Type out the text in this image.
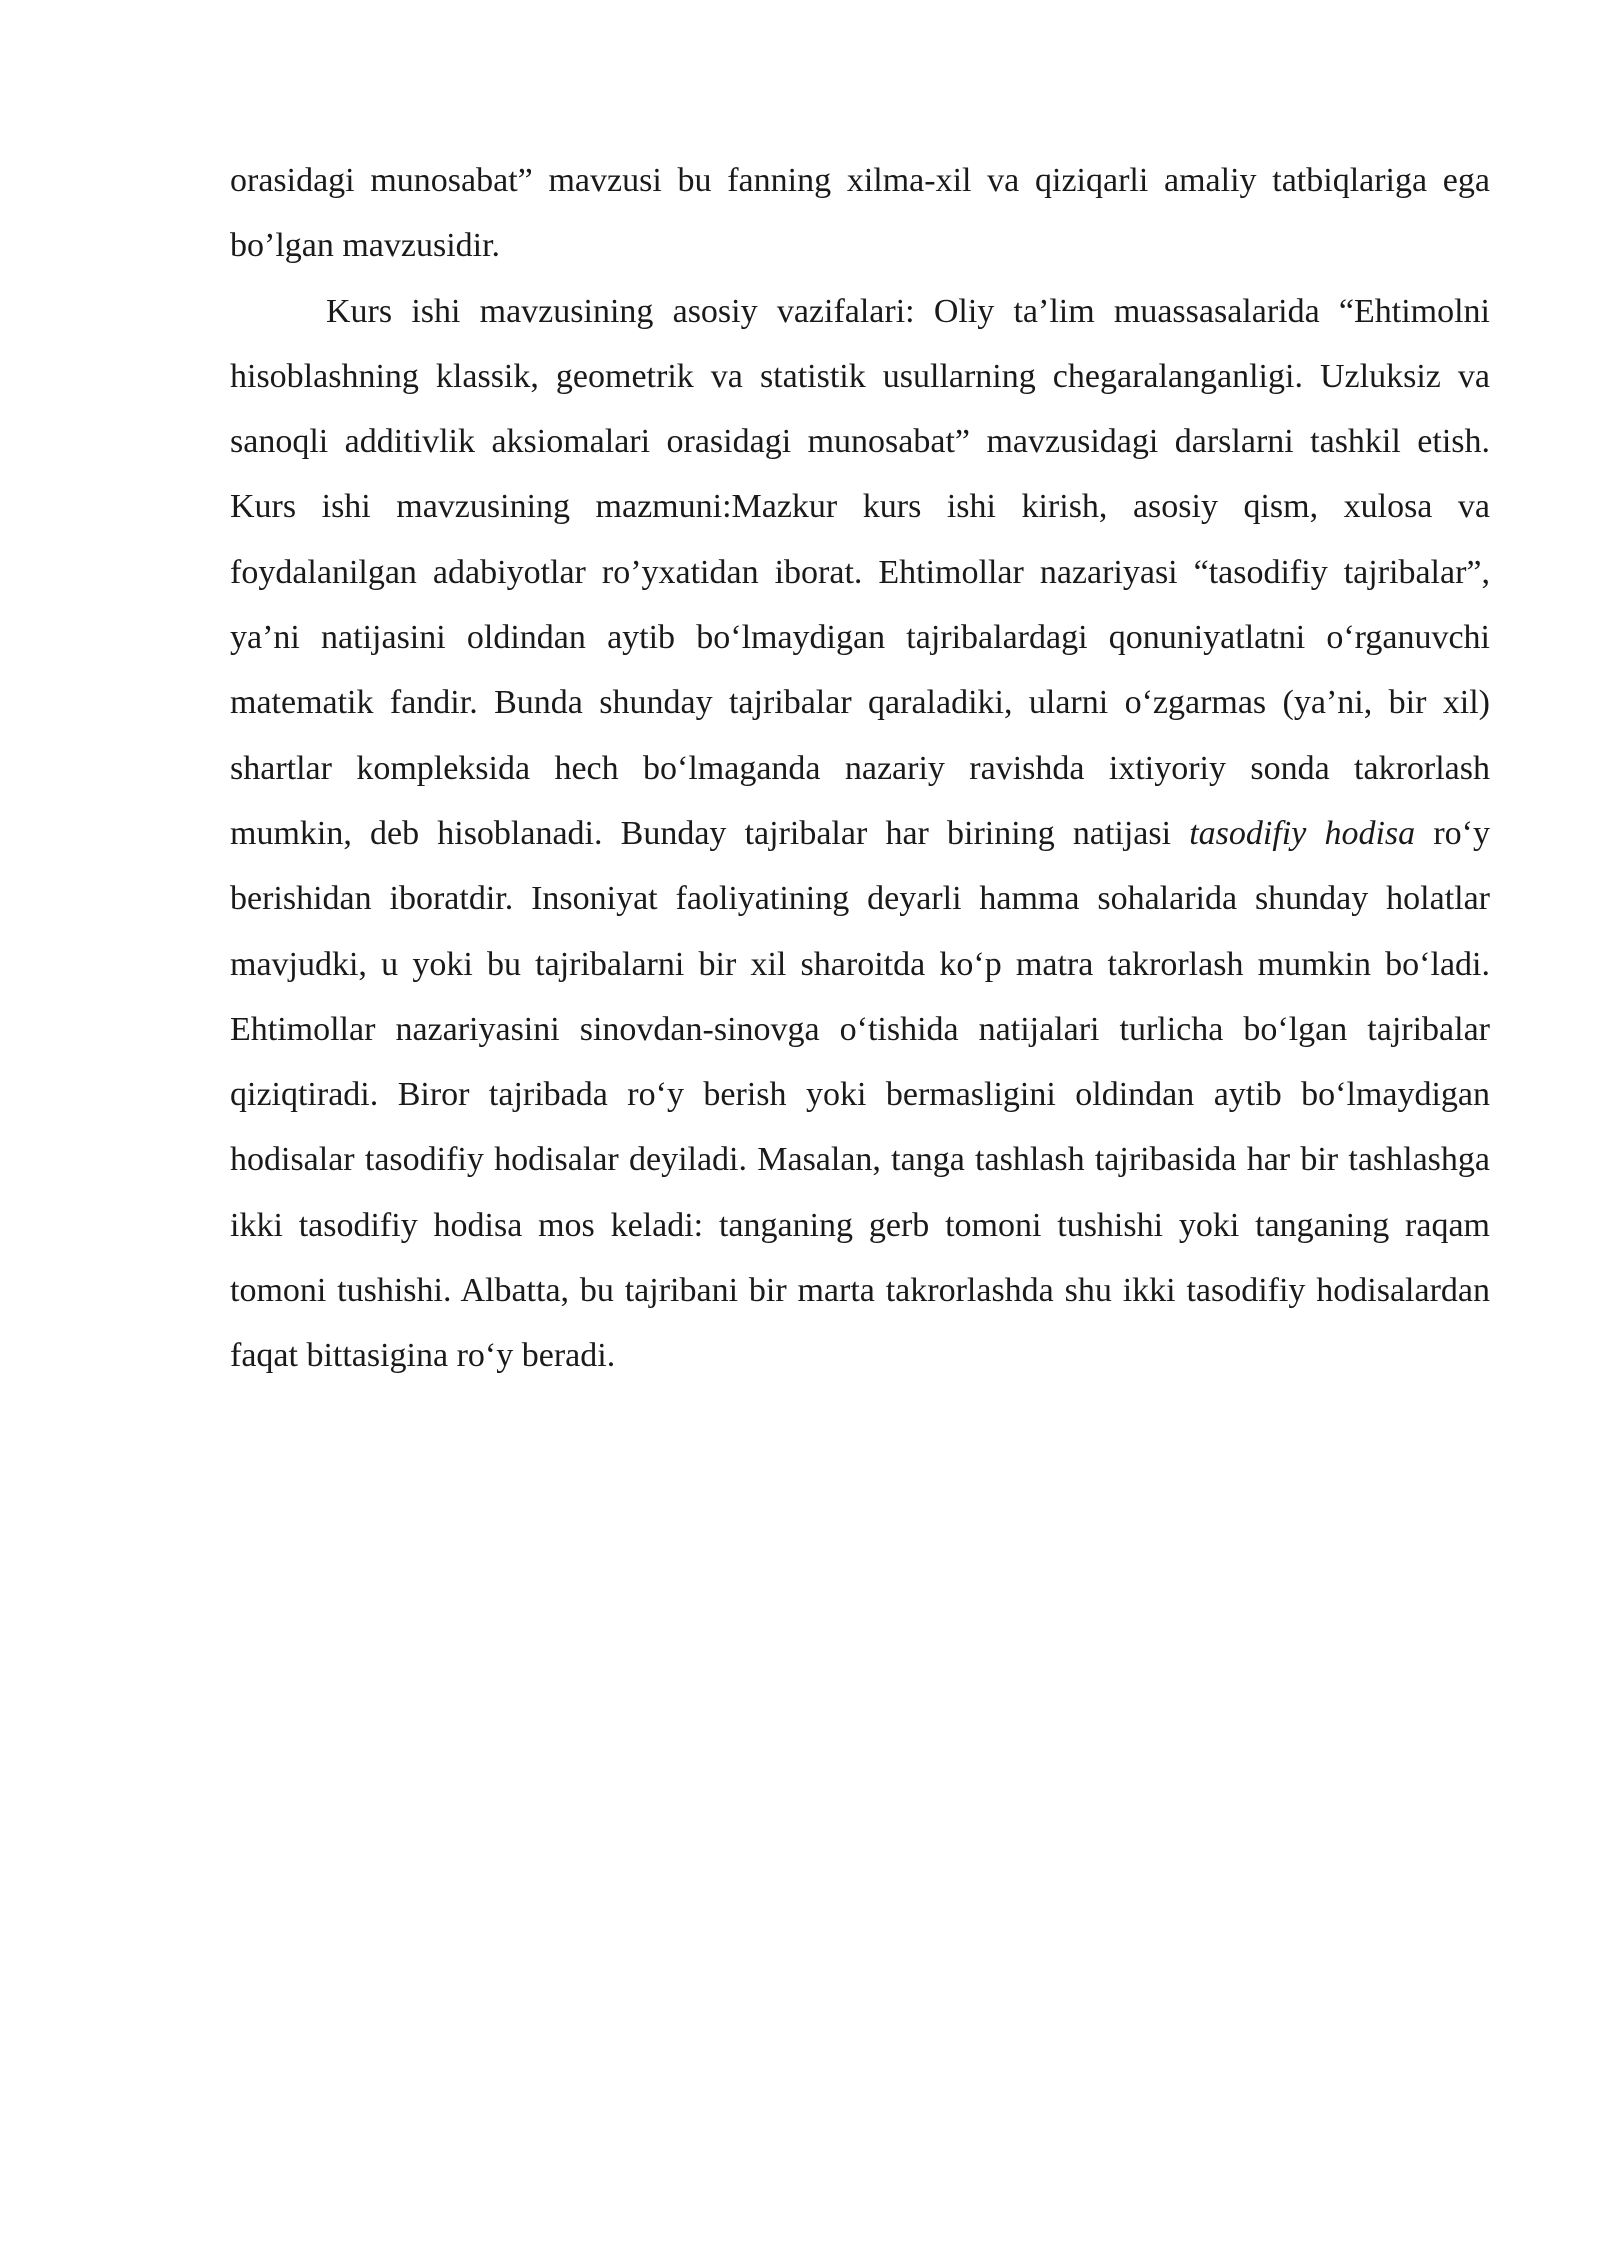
orasidagi munosabat” mavzusi bu fanning xilma-xil va qiziqarli amaliy tatbiqlariga ega bo’lgan mavzusidir.

Kurs ishi mavzusining asosiy vazifalari: Oliy ta’lim muassasalarida “Ehtimolni hisoblashning klassik, geometrik va statistik usullarning chegaralanganligi. Uzluksiz va sanoqli additivlik aksiomalari orasidagi munosabat” mavzusidagi darslarni tashkil etish. Kurs ishi mavzusining mazmuni:Mazkur kurs ishi kirish, asosiy qism, xulosa va foydalanilgan adabiyotlar ro’yxatidan iborat. Ehtimollar nazariyasi “tasodifiy tajribalar”, ya’ni natijasini oldindan aytib bo‘lmaydigan tajribalardagi qonuniyatlatni o‘rganuvchi matematik fandir. Bunda shunday tajribalar qaraladiki, ularni o‘zgarmas (ya’ni, bir xil) shartlar kompleksida hech bo‘lmaganda nazariy ravishda ixtiyoriy sonda takrorlash mumkin, deb hisoblanadi. Bunday tajribalar har birining natijasi tasodifiy hodisa ro‘y berishidan iboratdir. Insoniyat faoliyatining deyarli hamma sohalarida shunday holatlar mavjudki, u yoki bu tajribalarni bir xil sharoitda ko‘p matra takrorlash mumkin bo‘ladi. Ehtimollar nazariyasini sinovdan-sinovga o‘tishida natijalari turlicha bo‘lgan tajribalar qiziqtiradi. Biror tajribada ro‘y berish yoki bermasligini oldindan aytib bo‘lmaydigan hodisalar tasodifiy hodisalar deyiladi. Masalan, tanga tashlash tajribasida har bir tashlashga ikki tasodifiy hodisa mos keladi: tanganing gerb tomoni tushishi yoki tanganing raqam tomoni tushishi. Albatta, bu tajribani bir marta takrorlashda shu ikki tasodifiy hodisalardan faqat bittasigina ro‘y beradi.
